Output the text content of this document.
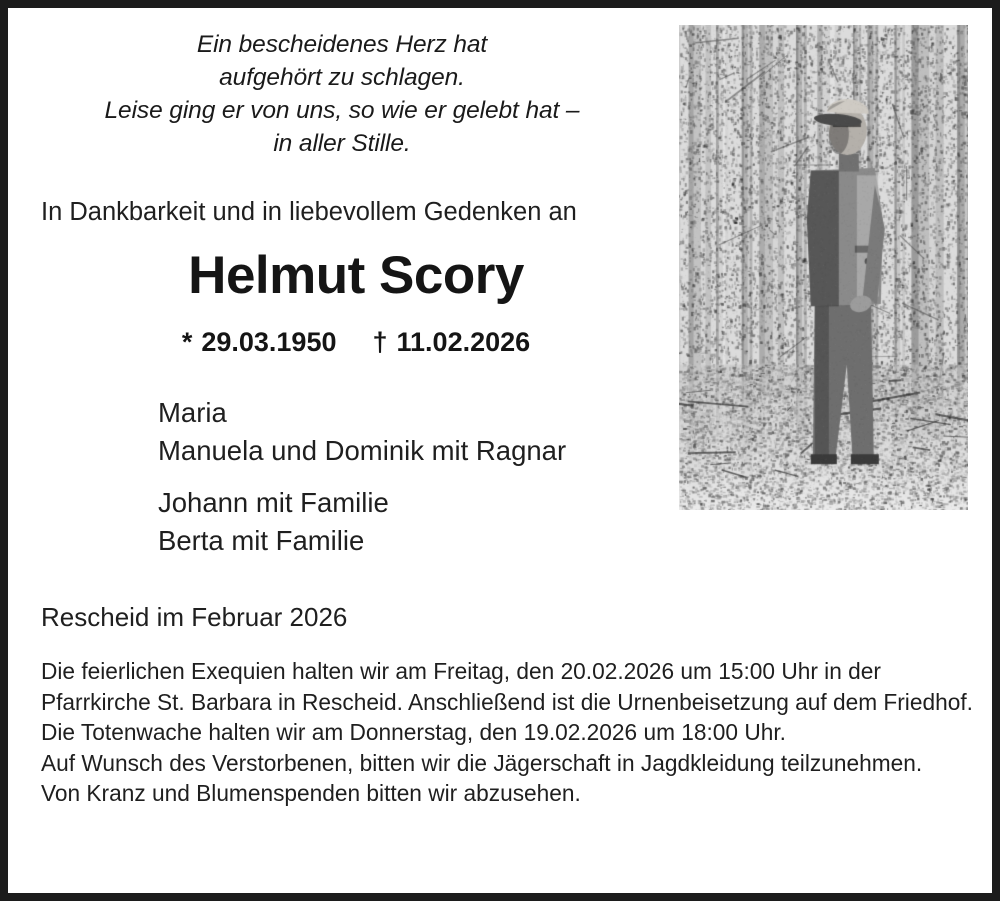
Ein bescheidenes Herz hat
aufgehört zu schlagen.
Leise ging er von uns, so wie er gelebt hat –
in aller Stille.
In Dankbarkeit und in liebevollem Gedenken an
Helmut Scory
* 29.03.1950 † 11.02.2026
Maria
Manuela und Dominik mit Ragnar
Johann mit Familie
Berta mit Familie
Rescheid im Februar 2026

Die feierlichen Exequien halten wir am Freitag, den 20.02.2026 um 15:00 Uhr in der Pfarrkirche St. Barbara in Rescheid. Anschließend ist die Urnenbeisetzung auf dem Friedhof.

Die Totenwache halten wir am Donnerstag, den 19.02.2026 um 18:00 Uhr.

Auf Wunsch des Verstorbenen, bitten wir die Jägerschaft in Jagdkleidung teilzunehmen.

Von Kranz und Blumenspenden bitten wir abzusehen.
